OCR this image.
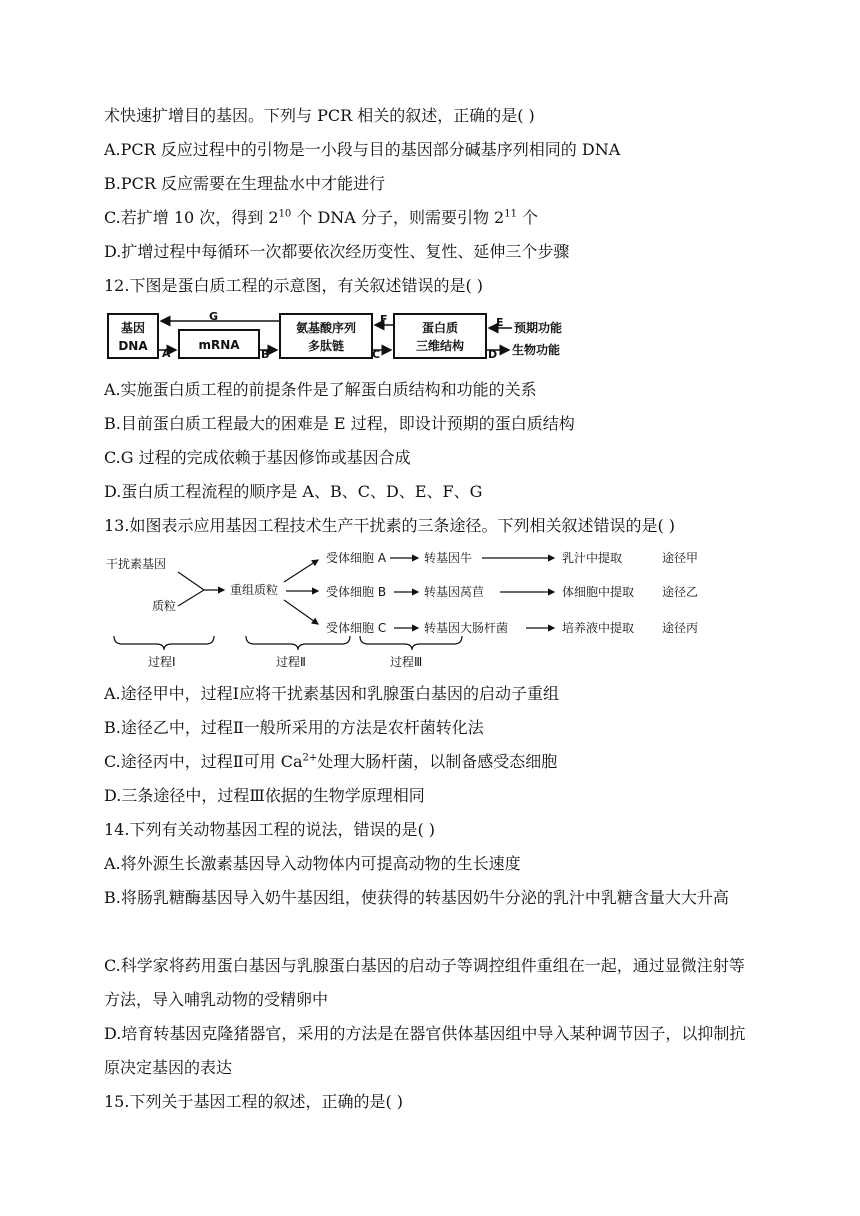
术快速扩增目的基因。下列与 PCR 相关的叙述，正确的是( )
A.PCR 反应过程中的引物是一小段与目的基因部分碱基序列相同的 DNA
B.PCR 反应需要在生理盐水中才能进行
C.若扩增 10 次，得到 $2^{10}$ 个 DNA 分子，则需要引物 $2^{11}$ 个
D.扩增过程中每循环一次都要依次经历变性、复性、延伸三个步骤
12.下图是蛋白质工程的示意图，有关叙述错误的是( )
基因
DNA	mRNA
氨基酸序列
多肽链
蛋白质
三维结构
G
A	B
F
C
E
D
预期功能
生物功能
A.实施蛋白质工程的前提条件是了解蛋白质结构和功能的关系
B.目前蛋白质工程最大的困难是 E 过程，即设计预期的蛋白质结构
C.G 过程的完成依赖于基因修饰或基因合成
D.蛋白质工程流程的顺序是 A、B、C、D、E、F、G
13.如图表示应用基因工程技术生产干扰素的三条途径。下列相关叙述错误的是( )
干扰素基因
质粒
重组质粒
受体细胞 A
受体细胞 B
受体细胞 C
转基因牛
转基因莴苣
转基因大肠杆菌
乳汁中提取
体细胞中提取
培养液中提取
途径甲
途径乙
途径丙
过程Ⅰ	过程Ⅱ	过程Ⅲ
A.途径甲中，过程Ⅰ应将干扰素基因和乳腺蛋白基因的启动子重组
B.途径乙中，过程Ⅱ一般所采用的方法是农杆菌转化法
C.途径丙中，过程Ⅱ可用 $Ca^{2+}$处理大肠杆菌，以制备感受态细胞
D.三条途径中，过程Ⅲ依据的生物学原理相同
14.下列有关动物基因工程的说法，错误的是( )
A.将外源生长激素基因导入动物体内可提高动物的生长速度
B.将肠乳糖酶基因导入奶牛基因组，使获得的转基因奶牛分泌的乳汁中乳糖含量大大升高
C.科学家将药用蛋白基因与乳腺蛋白基因的启动子等调控组件重组在一起，通过显微注射等方法，导入哺乳动物的受精卵中
D.培育转基因克隆猪器官，采用的方法是在器官供体基因组中导入某种调节因子，以抑制抗原决定基因的表达
15.下列关于基因工程的叙述，正确的是( )
